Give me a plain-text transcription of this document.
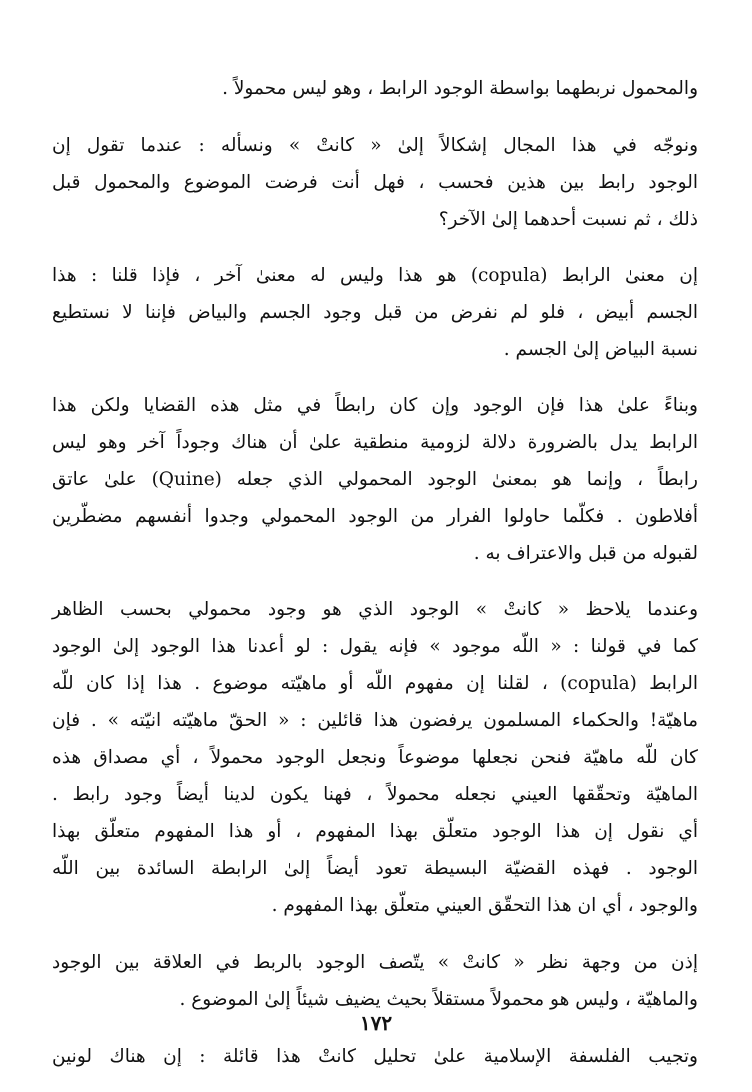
والمحمول نربطهما بواسطة الوجود الرابط ، وهو ليس محمولاً .
ونوجّه في هذا المجال إشكالاً إلىٰ « كانتْ » ونسأله : عندما تقول إن
الوجود رابط بين هذين فحسب ، فهل أنت فرضت الموضوع والمحمول قبل
ذلك ، ثم نسبت أحدهما إلىٰ الآخر؟
إن معنىٰ الرابط (copula) هو هذا وليس له معنىٰ آخر ، فإذا قلنا : هذا
الجسم أبيض ، فلو لم نفرض من قبل وجود الجسم والبياض فإننا لا نستطيع
نسبة البياض إلىٰ الجسم .
وبناءً علىٰ هذا فإن الوجود وإن كان رابطاً في مثل هذه القضايا ولكن هذا
الرابط يدل بالضرورة دلالة لزومية منطقية علىٰ أن هناك وجوداً آخر وهو ليس
رابطاً ، وإنما هو بمعنىٰ الوجود المحمولي الذي جعله (Quine) علىٰ عاتق
أفلاطون . فكلّما حاولوا الفرار من الوجود المحمولي وجدوا أنفسهم مضطّرين
لقبوله من قبل والاعتراف به .
وعندما يلاحظ « كانتْ » الوجود الذي هو وجود محمولي بحسب الظاهر
كما في قولنا : « اللّه موجود » فإنه يقول : لو أعدنا هذا الوجود إلىٰ الوجود
الرابط (copula) ، لقلنا إن مفهوم اللّه أو ماهيّته موضوع . هذا إذا كان للّه
ماهيّة! والحكماء المسلمون يرفضون هذا قائلين : « الحقّ ماهيّته انيّته » . فإن
كان للّه ماهيّة فنحن نجعلها موضوعاً ونجعل الوجود محمولاً ، أي مصداق هذه
الماهيّة وتحقّقها العيني نجعله محمولاً ، فهنا يكون لدينا أيضاً وجود رابط .
أي نقول إن هذا الوجود متعلّق بهذا المفهوم ، أو هذا المفهوم متعلّق بهذا
الوجود . فهذه القضيّة البسيطة تعود أيضاً إلىٰ الرابطة السائدة بين اللّه
والوجود ، أي ان هذا التحقّق العيني متعلّق بهذا المفهوم .
إذن من وجهة نظر « كانتْ » يتّصف الوجود بالربط في العلاقة بين الوجود
والماهيّة ، وليس هو محمولاً مستقلاً بحيث يضيف شيئاً إلىٰ الموضوع .
وتجيب الفلسفة الإسلامية علىٰ تحليل كانتْ هذا قائلة : إن هناك لونين
١٧٢
